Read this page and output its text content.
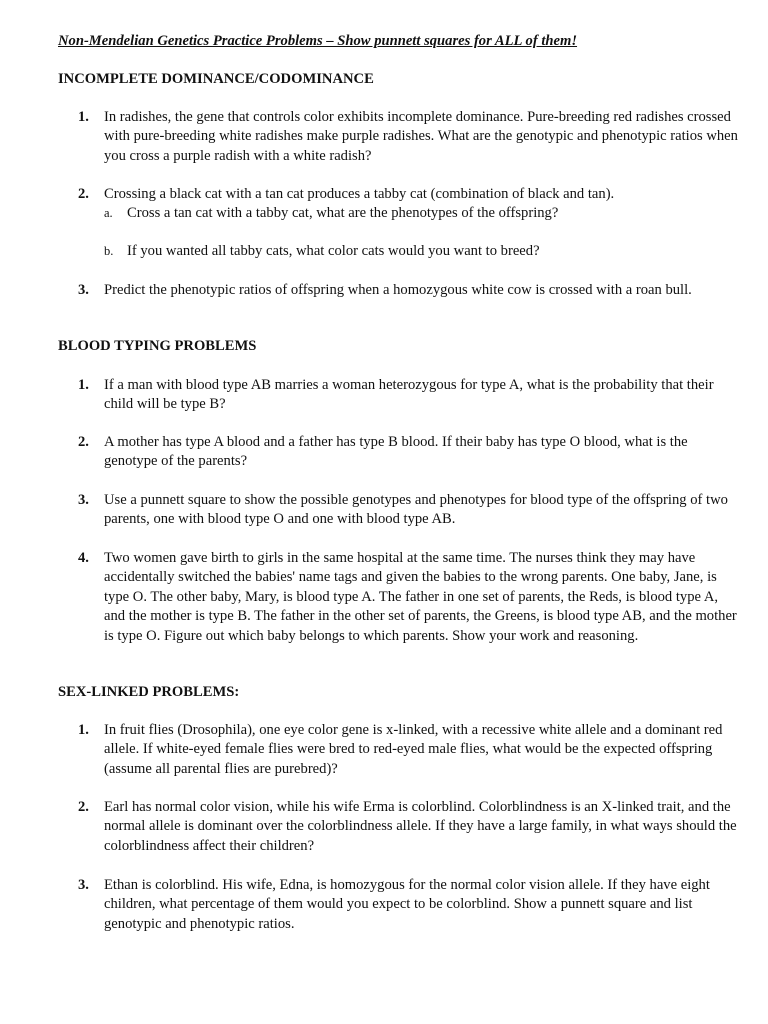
Non-Mendelian Genetics Practice Problems – Show punnett squares for ALL of them!
INCOMPLETE DOMINANCE/CODOMINANCE
1. In radishes, the gene that controls color exhibits incomplete dominance. Pure-breeding red radishes crossed with pure-breeding white radishes make purple radishes. What are the genotypic and phenotypic ratios when you cross a purple radish with a white radish?
2. Crossing a black cat with a tan cat produces a tabby cat (combination of black and tan).
a. Cross a tan cat with a tabby cat, what are the phenotypes of the offspring?
b. If you wanted all tabby cats, what color cats would you want to breed?
3. Predict the phenotypic ratios of offspring when a homozygous white cow is crossed with a roan bull.
BLOOD TYPING PROBLEMS
1. If a man with blood type AB marries a woman heterozygous for type A, what is the probability that their child will be type B?
2. A mother has type A blood and a father has type B blood. If their baby has type O blood, what is the genotype of the parents?
3. Use a punnett square to show the possible genotypes and phenotypes for blood type of the offspring of two parents, one with blood type O and one with blood type AB.
4. Two women gave birth to girls in the same hospital at the same time. The nurses think they may have accidentally switched the babies' name tags and given the babies to the wrong parents. One baby, Jane, is type O. The other baby, Mary, is blood type A. The father in one set of parents, the Reds, is blood type A, and the mother is type B. The father in the other set of parents, the Greens, is blood type AB, and the mother is type O. Figure out which baby belongs to which parents. Show your work and reasoning.
SEX-LINKED PROBLEMS:
1. In fruit flies (Drosophila), one eye color gene is x-linked, with a recessive white allele and a dominant red allele. If white-eyed female flies were bred to red-eyed male flies, what would be the expected offspring (assume all parental flies are purebred)?
2. Earl has normal color vision, while his wife Erma is colorblind. Colorblindness is an X-linked trait, and the normal allele is dominant over the colorblindness allele. If they have a large family, in what ways should the colorblindness affect their children?
3. Ethan is colorblind. His wife, Edna, is homozygous for the normal color vision allele. If they have eight children, what percentage of them would you expect to be colorblind. Show a punnett square and list genotypic and phenotypic ratios.
